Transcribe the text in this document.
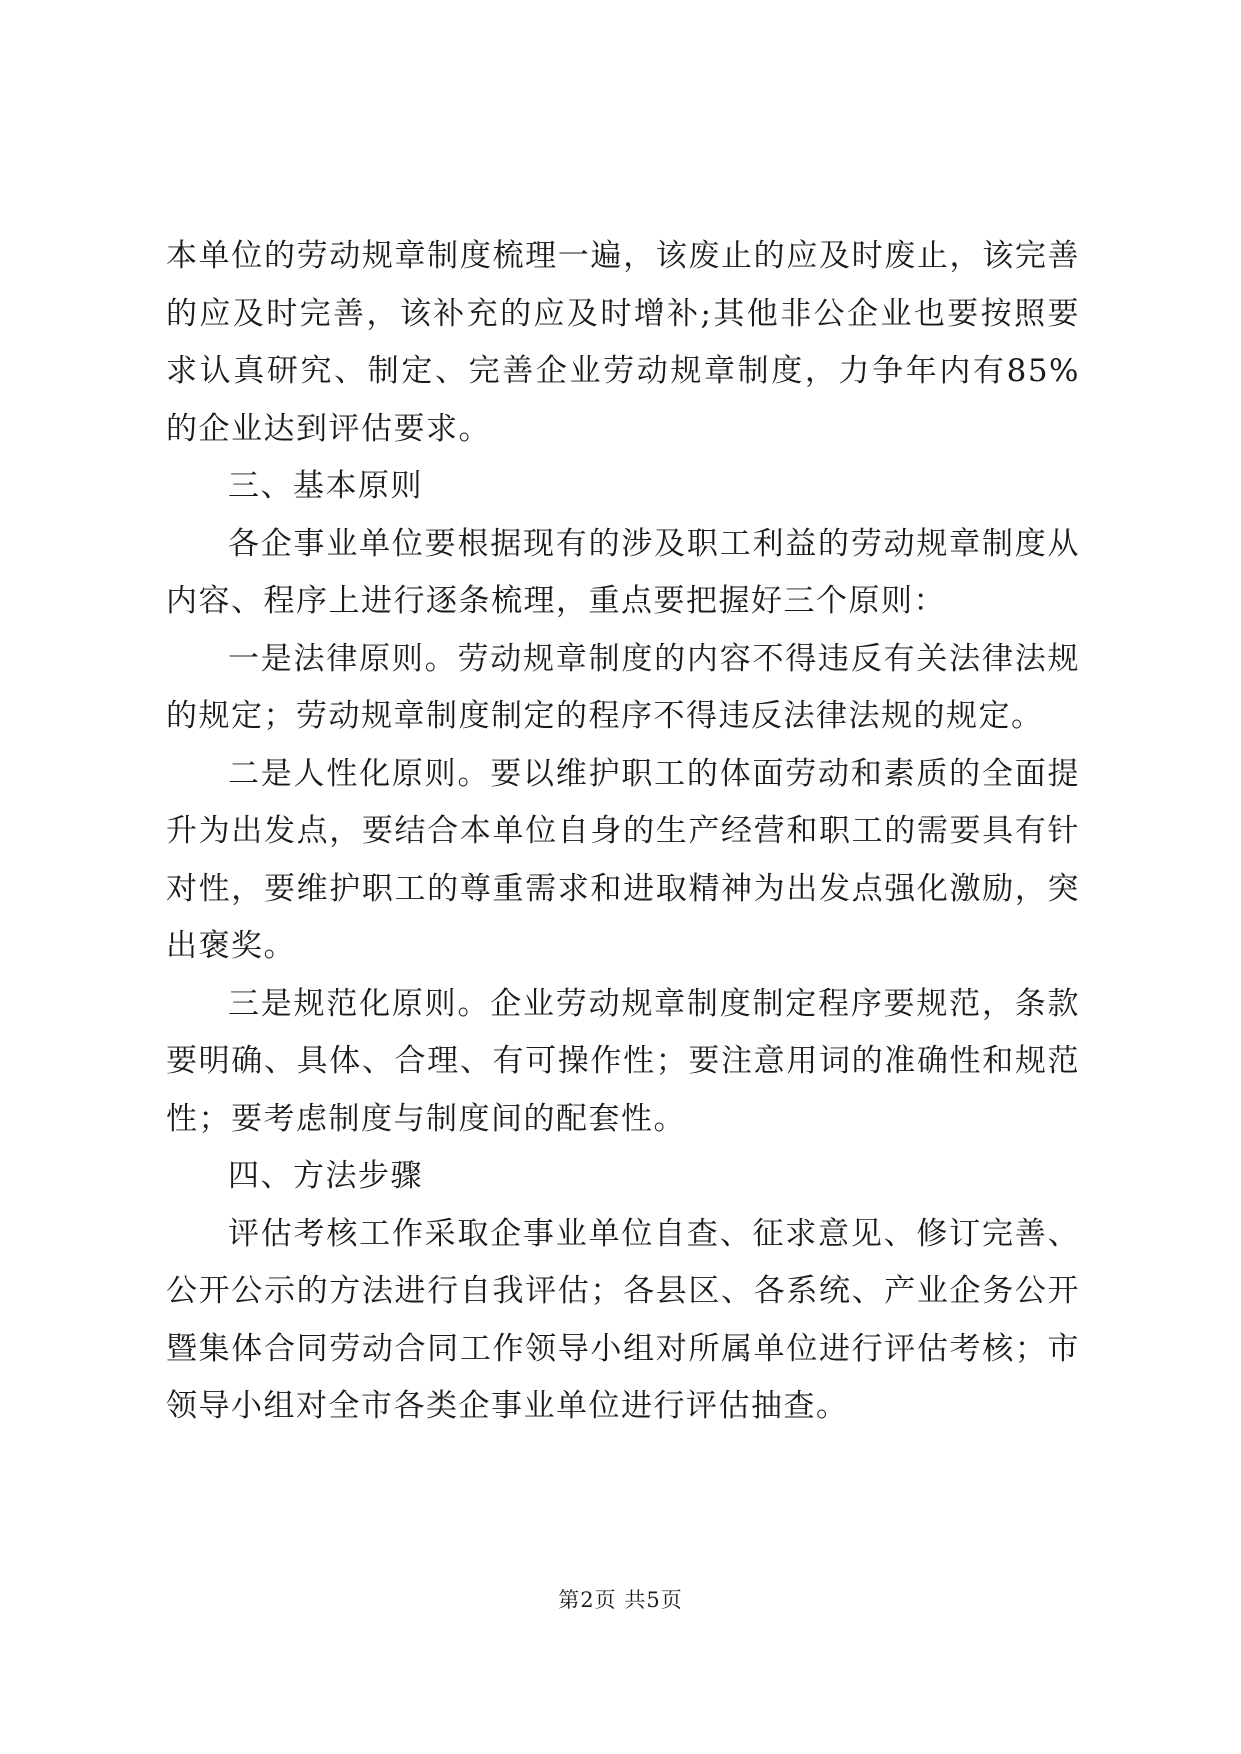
本单位的劳动规章制度梳理一遍，该废止的应及时废止，该完善的应及时完善，该补充的应及时增补;其他非公企业也要按照要求认真研究、制定、完善企业劳动规章制度，力争年内有85%的企业达到评估要求。

三、基本原则

各企事业单位要根据现有的涉及职工利益的劳动规章制度从内容、程序上进行逐条梳理，重点要把握好三个原则：

一是法律原则。劳动规章制度的内容不得违反有关法律法规的规定；劳动规章制度制定的程序不得违反法律法规的规定。

二是人性化原则。要以维护职工的体面劳动和素质的全面提升为出发点，要结合本单位自身的生产经营和职工的需要具有针对性，要维护职工的尊重需求和进取精神为出发点强化激励，突出褒奖。

三是规范化原则。企业劳动规章制度制定程序要规范，条款要明确、具体、合理、有可操作性；要注意用词的准确性和规范性；要考虑制度与制度间的配套性。

四、方法步骤

评估考核工作采取企事业单位自查、征求意见、修订完善、公开公示的方法进行自我评估；各县区、各系统、产业企务公开暨集体合同劳动合同工作领导小组对所属单位进行评估考核；市领导小组对全市各类企事业单位进行评估抽查。

第2页 共5页
